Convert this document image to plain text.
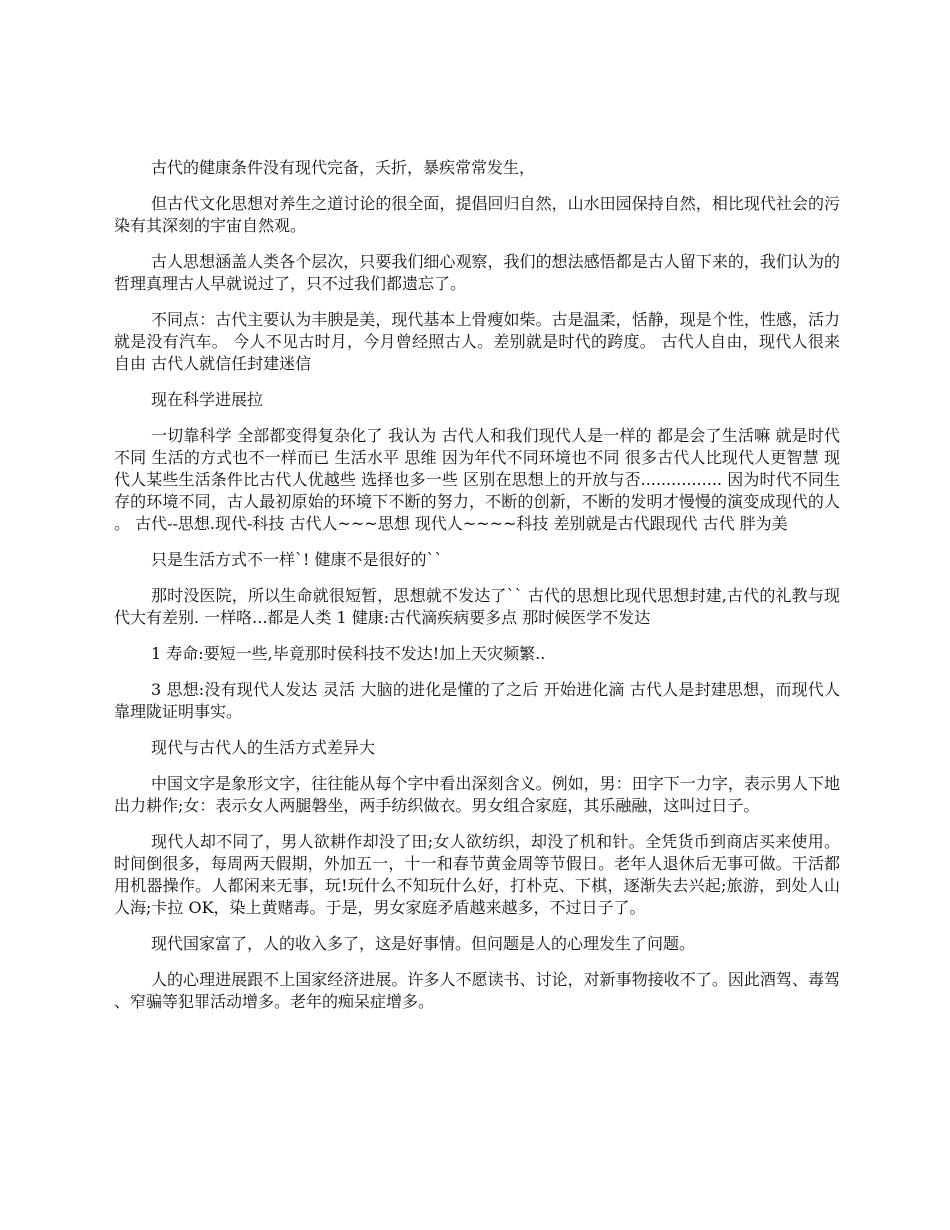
古代的健康条件没有现代完备，夭折，暴疾常常发生，

但古代文化思想对养生之道讨论的很全面，提倡回归自然，山水田园保持自然，相比现代社会的污染有其深刻的宇宙自然观。

古人思想涵盖人类各个层次，只要我们细心观察，我们的想法感悟都是古人留下来的，我们认为的哲理真理古人早就说过了，只不过我们都遗忘了。

不同点：古代主要认为丰腴是美，现代基本上骨瘦如柴。古是温柔，恬静，现是个性，性感，活力 就是没有汽车。 今人不见古时月，今月曾经照古人。差别就是时代的跨度。 古代人自由，现代人很来自由 古代人就信任封建迷信

现在科学进展拉

一切靠科学 全部都变得复杂化了 我认为 古代人和我们现代人是一样的 都是会了生活嘛 就是时代不同 生活的方式也不一样而已 生活水平 思维 因为年代不同环境也不同 很多古代人比现代人更智慧 现代人某些生活条件比古代人优越些 选择也多一些 区别在思想上的开放与否................ 因为时代不同生存的环境不同，古人最初原始的环境下不断的努力，不断的创新，不断的发明才慢慢的演变成现代的人。 古代--思想.现代-科技 古代人~~~思想 现代人~~~~科技 差别就是古代跟现代 古代 胖为美

只是生活方式不一样`! 健康不是很好的``

那时没医院，所以生命就很短暂，思想就不发达了`` 古代的思想比现代思想封建,古代的礼教与现代大有差别. 一样咯...都是人类 1 健康:古代滴疾病要多点 那时候医学不发达

1 寿命:要短一些,毕竟那时侯科技不发达!加上天灾频繁..

3 思想:没有现代人发达 灵活 大脑的进化是懂的了之后 开始进化滴 古代人是封建思想，而现代人靠理陇证明事实。

现代与古代人的生活方式差异大

中国文字是象形文字，往往能从每个字中看出深刻含义。例如，男：田字下一力字，表示男人下地出力耕作;女：表示女人两腿磐坐，两手纺织做衣。男女组合家庭，其乐融融，这叫过日子。

现代人却不同了，男人欲耕作却没了田;女人欲纺织，却没了机和针。全凭货币到商店买来使用。时间倒很多，每周两天假期，外加五一，十一和春节黄金周等节假日。老年人退休后无事可做。干活都用机器操作。人都闲来无事，玩!玩什么不知玩什么好，打朴克、下棋，逐渐失去兴起;旅游，到处人山人海;卡拉 OK，染上黄赌毒。于是，男女家庭矛盾越来越多，不过日子了。

现代国家富了，人的收入多了，这是好事情。但问题是人的心理发生了问题。

人的心理进展跟不上国家经济进展。许多人不愿读书、讨论，对新事物接收不了。因此酒驾、毒驾、窄骗等犯罪活动增多。老年的痴呆症增多。
